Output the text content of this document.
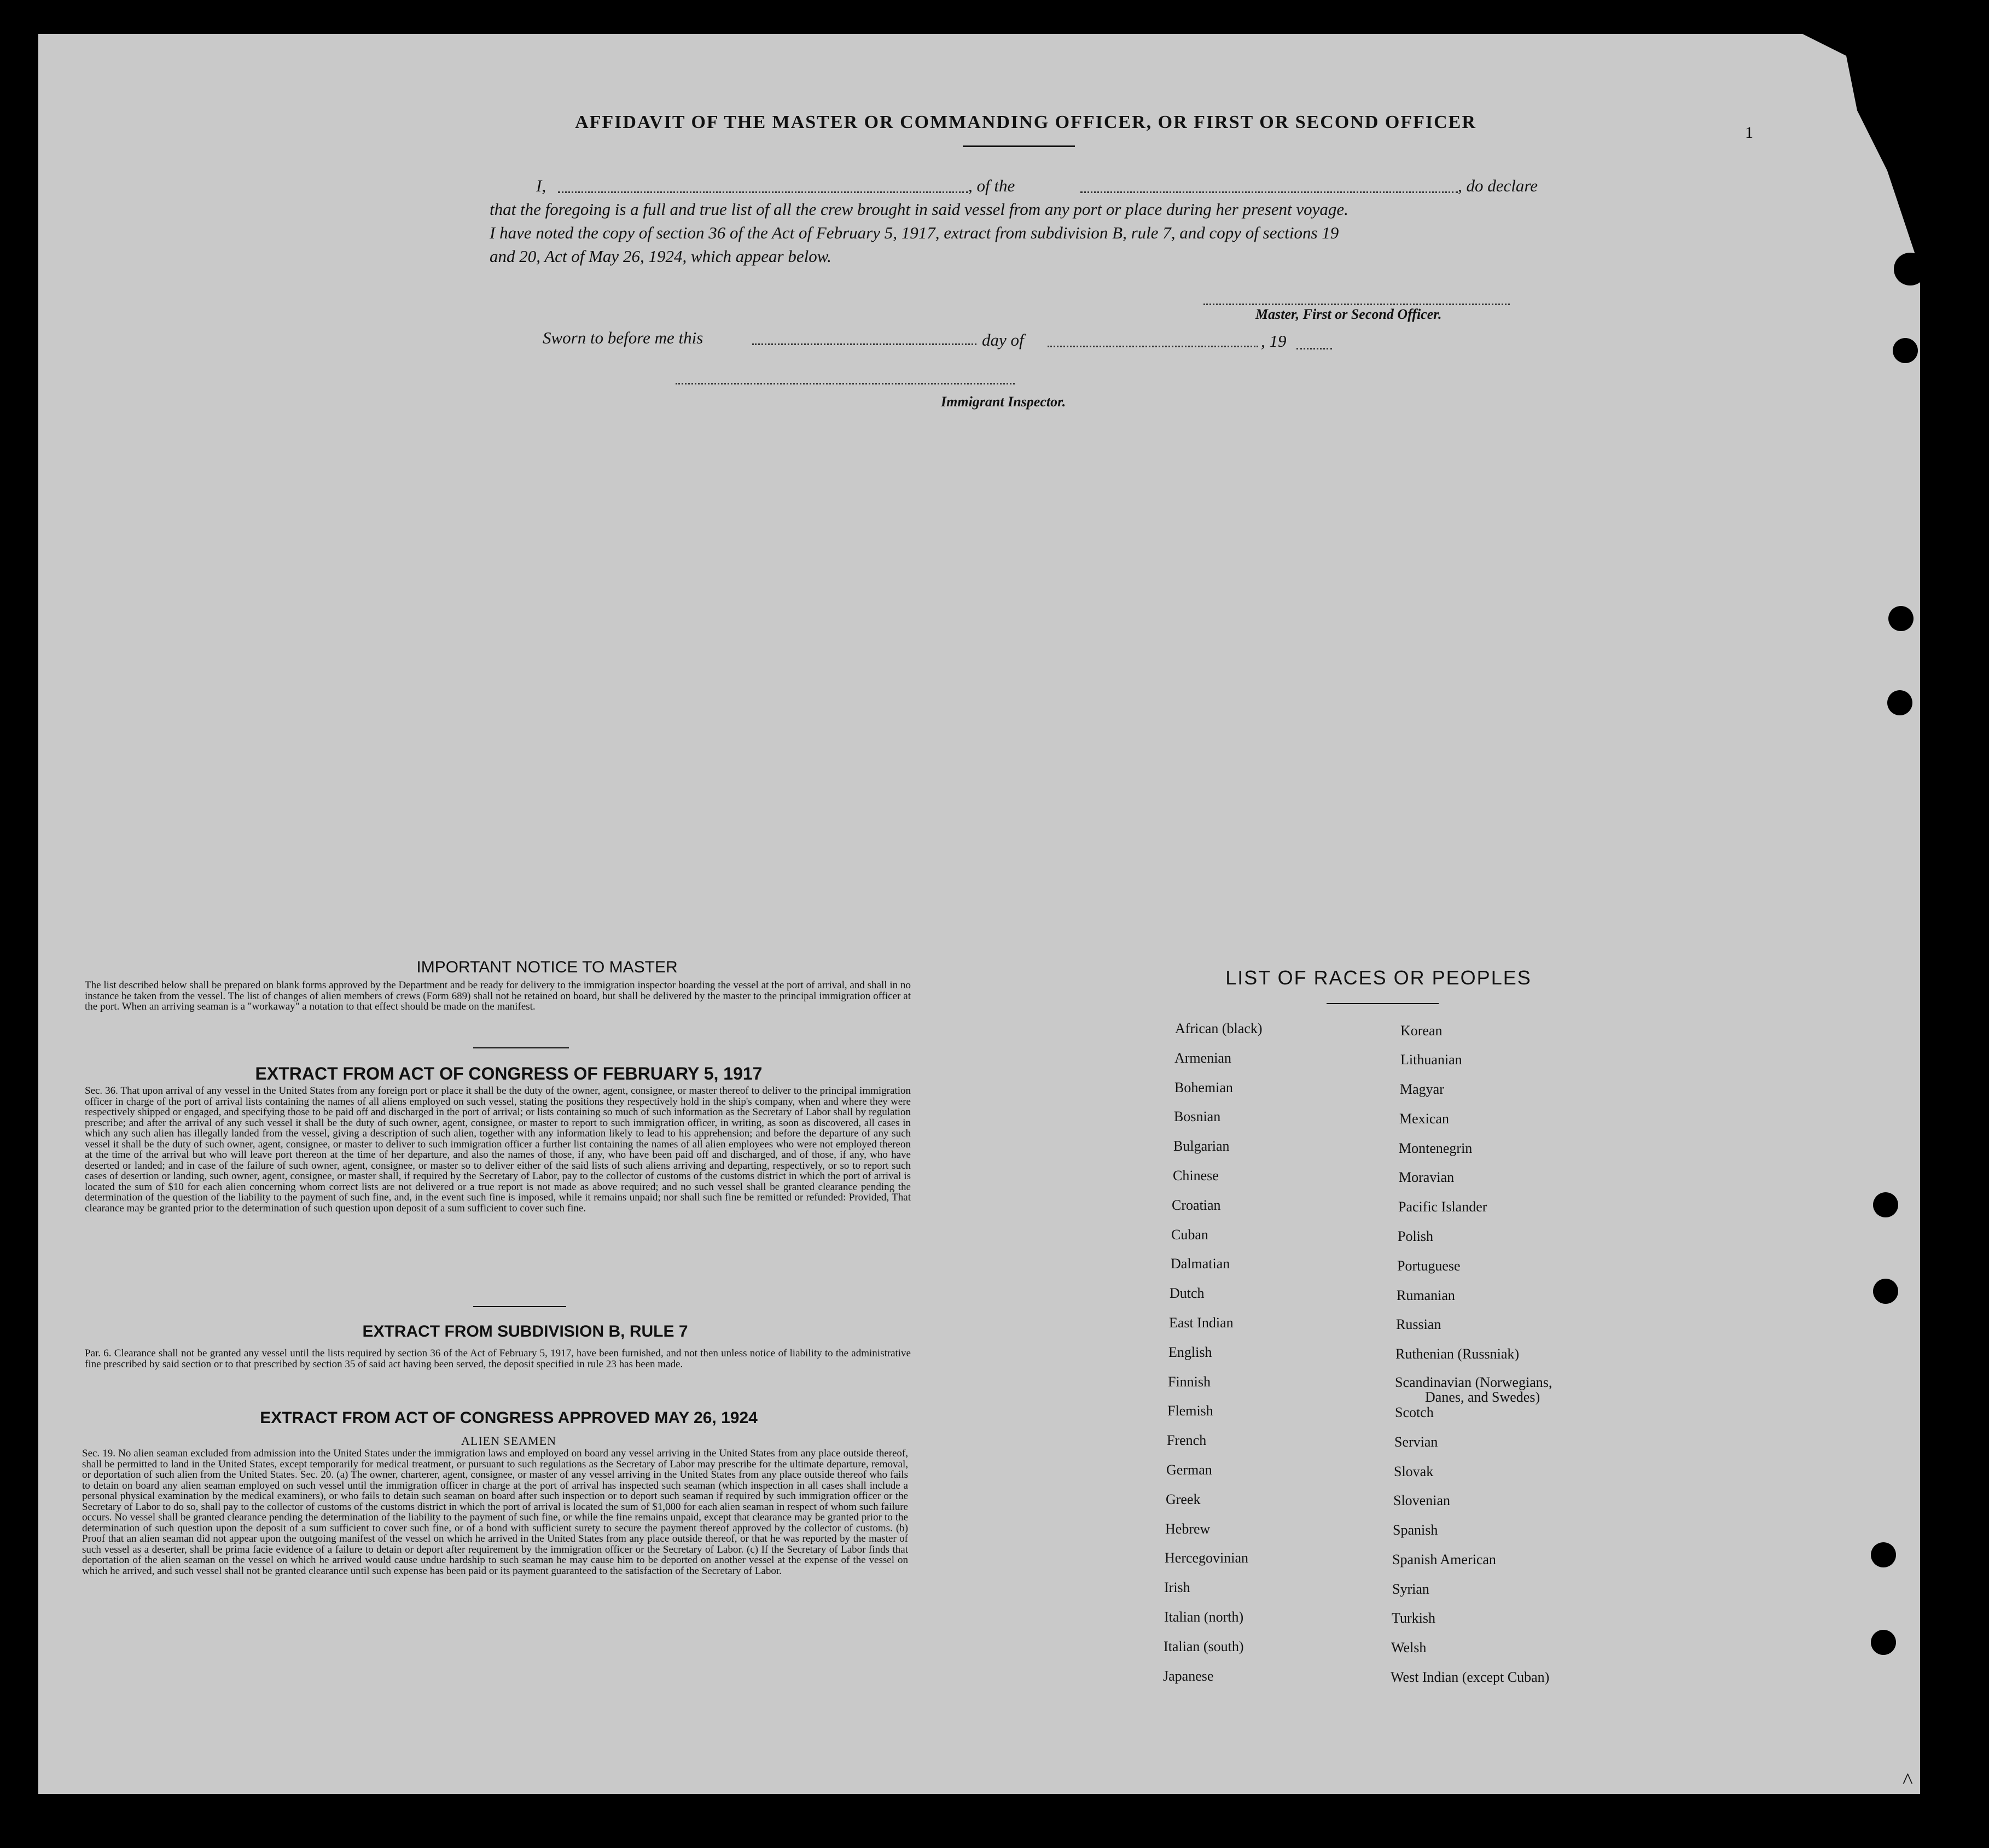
1
^
AFFIDAVIT OF THE MASTER OR COMMANDING OFFICER, OR FIRST OR SECOND OFFICER
I,	, of the	, do declare
that the foregoing is a full and true list of all the crew brought in said vessel from any port or place during her present voyage.
I have noted the copy of section 36 of the Act of February 5, 1917, extract from subdivision B, rule 7, and copy of sections 19
and 20, Act of May 26, 1924, which appear below.
Master, First or Second Officer.
Sworn to before me this	day of	, 19
Immigrant Inspector.
IMPORTANT NOTICE TO MASTER
The list described below shall be prepared on blank forms approved by the Department and be ready for delivery to the immigration inspector boarding the vessel at the port of arrival, and shall in no instance be taken from the vessel. The list of changes of alien members of crews (Form 689) shall not be retained on board, but shall be delivered by the master to the principal immigration officer at the port. When an arriving seaman is a "workaway" a notation to that effect should be made on the manifest.
EXTRACT FROM ACT OF CONGRESS OF FEBRUARY 5, 1917
Sec. 36. That upon arrival of any vessel in the United States from any foreign port or place it shall be the duty of the owner, agent, consignee, or master thereof to deliver to the principal immigration officer in charge of the port of arrival lists containing the names of all aliens employed on such vessel, stating the positions they respectively hold in the ship's company, when and where they were respectively shipped or engaged, and specifying those to be paid off and discharged in the port of arrival; or lists containing so much of such information as the Secretary of Labor shall by regulation prescribe; and after the arrival of any such vessel it shall be the duty of such owner, agent, consignee, or master to report to such immigration officer, in writing, as soon as discovered, all cases in which any such alien has illegally landed from the vessel, giving a description of such alien, together with any information likely to lead to his apprehension; and before the departure of any such vessel it shall be the duty of such owner, agent, consignee, or master to deliver to such immigration officer a further list containing the names of all alien employees who were not employed thereon at the time of the arrival but who will leave port thereon at the time of her departure, and also the names of those, if any, who have been paid off and discharged, and of those, if any, who have deserted or landed; and in case of the failure of such owner, agent, consignee, or master so to deliver either of the said lists of such aliens arriving and departing, respectively, or so to report such cases of desertion or landing, such owner, agent, consignee, or master shall, if required by the Secretary of Labor, pay to the collector of customs of the customs district in which the port of arrival is located the sum of $10 for each alien concerning whom correct lists are not delivered or a true report is not made as above required; and no such vessel shall be granted clearance pending the determination of the question of the liability to the payment of such fine, and, in the event such fine is imposed, while it remains unpaid; nor shall such fine be remitted or refunded: Provided, That clearance may be granted prior to the determination of such question upon deposit of a sum sufficient to cover such fine.
EXTRACT FROM SUBDIVISION B, RULE 7
Par. 6. Clearance shall not be granted any vessel until the lists required by section 36 of the Act of February 5, 1917, have been furnished, and not then unless notice of liability to the administrative fine prescribed by said section or to that prescribed by section 35 of said act having been served, the deposit specified in rule 23 has been made.
EXTRACT FROM ACT OF CONGRESS APPROVED MAY 26, 1924
ALIEN SEAMEN
Sec. 19. No alien seaman excluded from admission into the United States under the immigration laws and employed on board any vessel arriving in the United States from any place outside thereof, shall be permitted to land in the United States, except temporarily for medical treatment, or pursuant to such regulations as the Secretary of Labor may prescribe for the ultimate departure, removal, or deportation of such alien from the United States. Sec. 20. (a) The owner, charterer, agent, consignee, or master of any vessel arriving in the United States from any place outside thereof who fails to detain on board any alien seaman employed on such vessel until the immigration officer in charge at the port of arrival has inspected such seaman (which inspection in all cases shall include a personal physical examination by the medical examiners), or who fails to detain such seaman on board after such inspection or to deport such seaman if required by such immigration officer or the Secretary of Labor to do so, shall pay to the collector of customs of the customs district in which the port of arrival is located the sum of $1,000 for each alien seaman in respect of whom such failure occurs. No vessel shall be granted clearance pending the determination of the liability to the payment of such fine, or while the fine remains unpaid, except that clearance may be granted prior to the determination of such question upon the deposit of a sum sufficient to cover such fine, or of a bond with sufficient surety to secure the payment thereof approved by the collector of customs. (b) Proof that an alien seaman did not appear upon the outgoing manifest of the vessel on which he arrived in the United States from any place outside thereof, or that he was reported by the master of such vessel as a deserter, shall be prima facie evidence of a failure to detain or deport after requirement by the immigration officer or the Secretary of Labor. (c) If the Secretary of Labor finds that deportation of the alien seaman on the vessel on which he arrived would cause undue hardship to such seaman he may cause him to be deported on another vessel at the expense of the vessel on which he arrived, and such vessel shall not be granted clearance until such expense has been paid or its payment guaranteed to the satisfaction of the Secretary of Labor.
LIST OF RACES OR PEOPLES
African (black)
Armenian
Bohemian
Bosnian
Bulgarian
Chinese
Croatian
Cuban
Dalmatian
Dutch
East Indian
English
Finnish
Flemish
French
German
Greek
Hebrew
Hercegovinian
Irish
Italian (north)
Italian (south)
Japanese
Korean
Lithuanian
Magyar
Mexican
Montenegrin
Moravian
Pacific Islander
Polish
Portuguese
Rumanian
Russian
Ruthenian (Russniak)
Scandinavian (Norwegians,
Danes, and Swedes)
Scotch
Servian
Slovak
Slovenian
Spanish
Spanish American
Syrian
Turkish
Welsh
West Indian (except Cuban)
